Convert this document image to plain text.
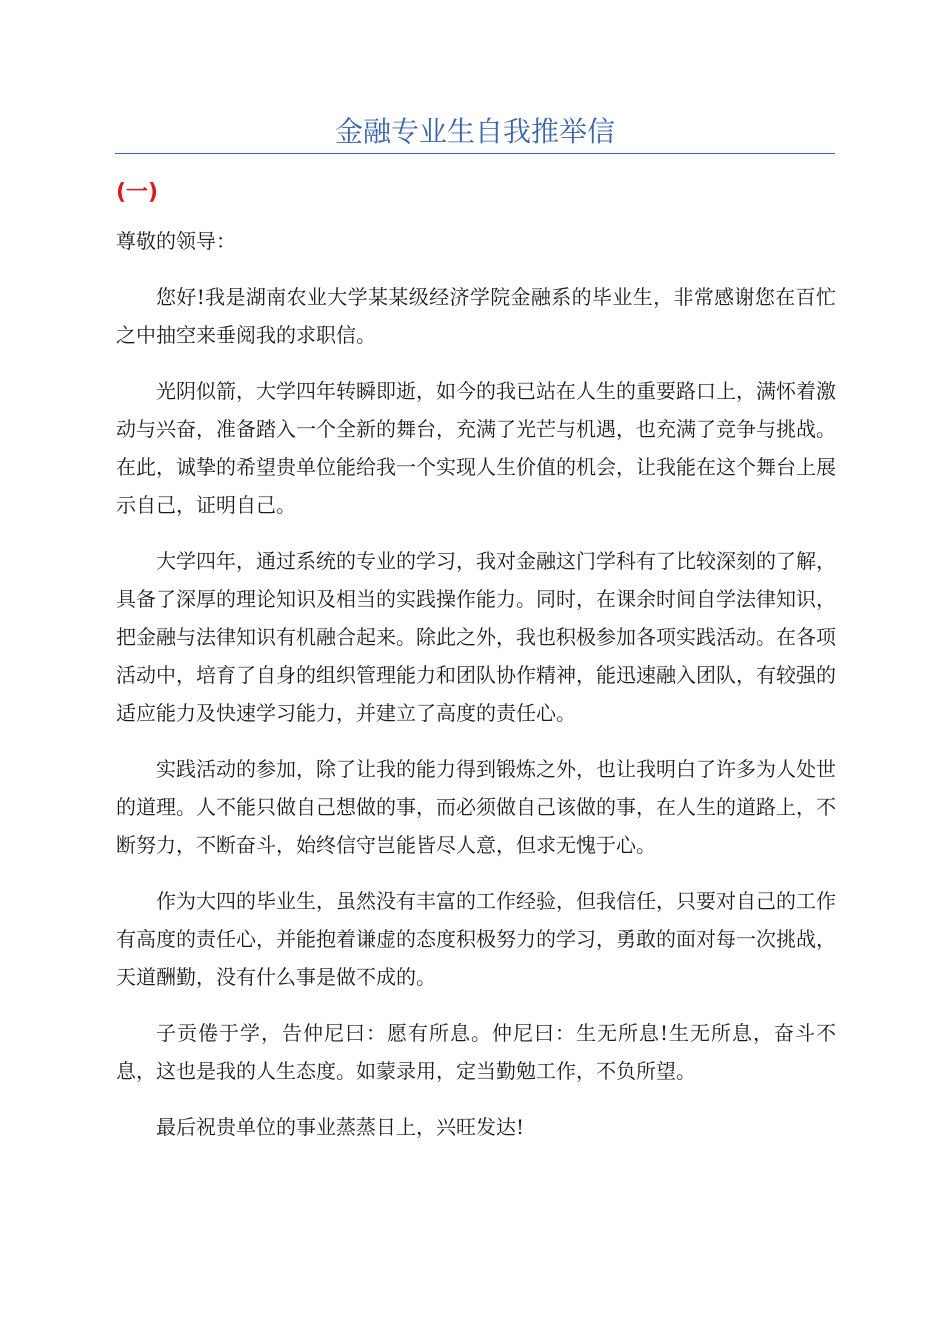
金融专业生自我推举信
(一)

尊敬的领导：

您好!我是湖南农业大学某某级经济学院金融系的毕业生，非常感谢您在百忙之中抽空来垂阅我的求职信。

光阴似箭，大学四年转瞬即逝，如今的我已站在人生的重要路口上，满怀着激动与兴奋，准备踏入一个全新的舞台，充满了光芒与机遇，也充满了竞争与挑战。在此，诚挚的希望贵单位能给我一个实现人生价值的机会，让我能在这个舞台上展示自己，证明自己。

大学四年，通过系统的专业的学习，我对金融这门学科有了比较深刻的了解，具备了深厚的理论知识及相当的实践操作能力。同时，在课余时间自学法律知识，把金融与法律知识有机融合起来。除此之外，我也积极参加各项实践活动。在各项活动中，培育了自身的组织管理能力和团队协作精神，能迅速融入团队，有较强的适应能力及快速学习能力，并建立了高度的责任心。

实践活动的参加，除了让我的能力得到锻炼之外，也让我明白了许多为人处世的道理。人不能只做自己想做的事，而必须做自己该做的事，在人生的道路上，不断努力，不断奋斗，始终信守岂能皆尽人意，但求无愧于心。

作为大四的毕业生，虽然没有丰富的工作经验，但我信任，只要对自己的工作有高度的责任心，并能抱着谦虚的态度积极努力的学习，勇敢的面对每一次挑战，天道酬勤，没有什么事是做不成的。

子贡倦于学，告仲尼曰：愿有所息。仲尼曰：生无所息!生无所息，奋斗不息，这也是我的人生态度。如蒙录用，定当勤勉工作，不负所望。

最后祝贵单位的事业蒸蒸日上，兴旺发达!
